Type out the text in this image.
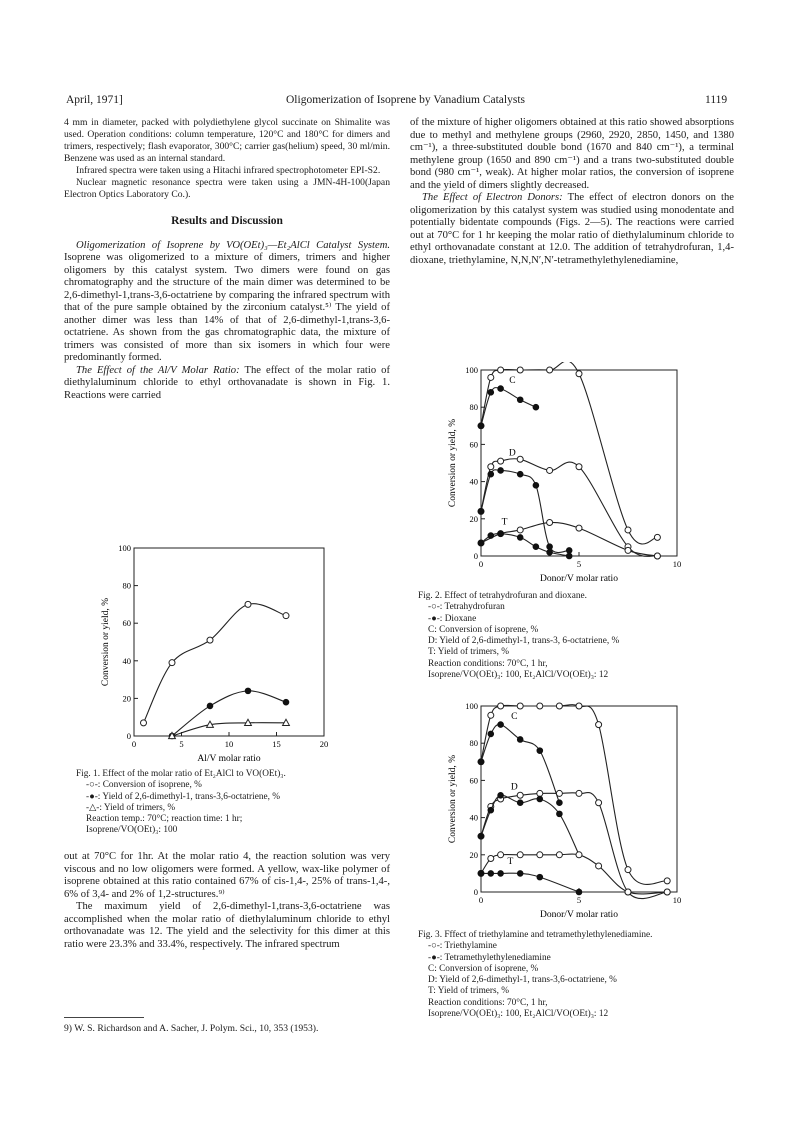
April, 1971]	Oligomerization of Isoprene by Vanadium Catalysts	1119

4 mm in diameter, packed with polydiethylene glycol succinate on Shimalite was used. Operation conditions: column temperature, 120°C and 180°C for dimers and trimers, respectively; flash evaporator, 300°C; carrier gas(helium) speed, 30 ml/min. Benzene was used as an internal standard.

Infrared spectra were taken using a Hitachi infrared spectrophotometer EPI-S2.

Nuclear magnetic resonance spectra were taken using a JMN-4H-100(Japan Electron Optics Laboratory Co.).

Results and Discussion

Oligomerization of Isoprene by VO(OEt)₃—Et₂AlCl Catalyst System. Isoprene was oligomerized to a mixture of dimers, trimers and higher oligomers by this catalyst system. Two dimers were found on gas chromatography and the structure of the main dimer was determined to be 2,6-dimethyl-1,trans-3,6-octatriene by comparing the infrared spectrum with that of the pure sample obtained by the zirconium catalyst.⁵⁾ The yield of another dimer was less than 14% of that of 2,6-dimethyl-1,trans-3,6-octatriene. As shown from the gas chromatographic data, the mixture of trimers was consisted of more than six isomers in which four were predominantly formed.

The Effect of the Al/V Molar Ratio: The effect of the molar ratio of diethylaluminum chloride to ethyl orthovanadate is shown in Fig. 1. Reactions were carried

0
20
40
60
80
100
0	5	10	15	20
Al/V molar ratio
Conversion or yield, %
Fig. 1. Effect of the molar ratio of Et₂AlCl to VO(OEt)₃.
-○-: Conversion of isoprene, %
-●-: Yield of 2,6-dimethyl-1, trans-3,6-octatriene, %
-△-: Yield of trimers, %
Reaction temp.: 70°C; reaction time: 1 hr;
Isoprene/VO(OEt)₃: 100

out at 70°C for 1hr. At the molar ratio 4, the reaction solution was very viscous and no low oligomers were formed. A yellow, wax-like polymer of isoprene obtained at this ratio contained 67% of cis-1,4-, 25% of trans-1,4-, 6% of 3,4- and 2% of 1,2-structures.⁹⁾

The maximum yield of 2,6-dimethyl-1,trans-3,6-octatriene was accomplished when the molar ratio of diethylaluminum chloride to ethyl orthovanadate was 12. The yield and the selectivity for this dimer at this ratio were 23.3% and 33.4%, respectively. The infrared spectrum

9) W. S. Richardson and A. Sacher, J. Polym. Sci., 10, 353 (1953).

of the mixture of higher oligomers obtained at this ratio showed absorptions due to methyl and methylene groups (2960, 2920, 2850, 1450, and 1380 cm⁻¹), a three-substituted double bond (1670 and 840 cm⁻¹), a terminal methylene group (1650 and 890 cm⁻¹) and a trans two-substituted double bond (980 cm⁻¹, weak). At higher molar ratios, the conversion of isoprene and the yield of dimers slightly decreased.

The Effect of Electron Donors: The effect of electron donors on the oligomerization by this catalyst system was studied using monodentate and potentially bidentate compounds (Figs. 2—5). The reactions were carried out at 70°C for 1 hr keeping the molar ratio of diethylaluminum chloride to ethyl orthovanadate constant at 12.0. The addition of tetrahydrofuran, 1,4-dioxane, triethylamine, N,N,N′,N′-tetramethylethylenediamine,

0
20
40
60
80
100
0	5	10
Donor/V molar ratio
Conversion or yield, %
C
D
T
Fig. 2. Effect of tetrahydrofuran and dioxane.
-○-: Tetrahydrofuran
-●-: Dioxane
C: Conversion of isoprene, %
D: Yield of 2,6-dimethyl-1, trans-3, 6-octatriene, %
T: Yield of trimers, %
Reaction conditions: 70°C, 1 hr,
Isoprene/VO(OEt)₃: 100, Et₂AlCl/VO(OEt)₃: 12
0
20
40
60
80
100
0	5	10
Donor/V molar ratio
Conversion or yield, %
C
D
T
Fig. 3. Fffect of triethylamine and tetramethylethylenediamine.
-○-: Triethylamine
-●-: Tetramethylethylenediamine
C: Conversion of isoprene, %
D: Yield of 2,6-dimethyl-1, trans-3,6-octatriene, %
T: Yield of trimers, %
Reaction conditions: 70°C, 1 hr,
Isoprene/VO(OEt)₃: 100, Et₂AlCl/VO(OEt)₃: 12
